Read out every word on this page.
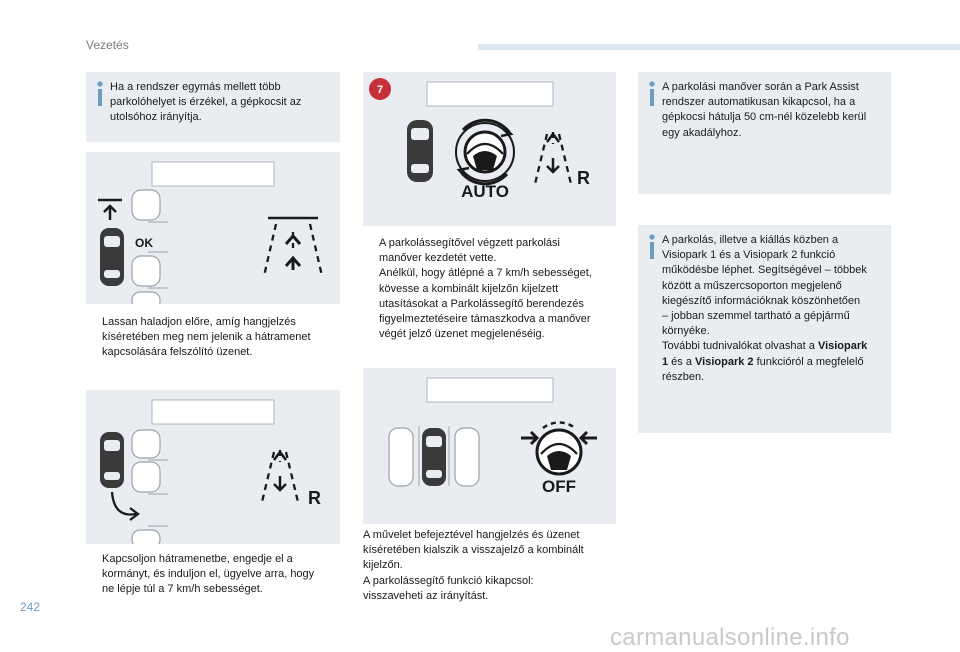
Vezetés
Ha a rendszer egymás mellett több
parkolóhelyet is érzékel, a gépkocsit az
utolsóhoz irányítja.
OK
Lassan haladjon előre, amíg hangjelzés
kíséretében meg nem jelenik a hátramenet
kapcsolására felszólító üzenet.
R
Kapcsoljon hátramenetbe, engedje el a
kormányt, és induljon el, ügyelve arra, hogy
ne lépje túl a 7 km/h sebességet.
7
AUTO
R
A parkolássegítővel végzett parkolási
manőver kezdetét vette.
Anélkül, hogy átlépné a 7 km/h sebességet,
kövesse a kombinált kijelzőn kijelzett
utasításokat a Parkolássegítő berendezés
figyelmeztetéseire támaszkodva a manőver
végét jelző üzenet megjelenéséig.
OFF
A művelet befejeztével hangjelzés és üzenet
kíséretében kialszik a visszajelző a kombinált
kijelzőn.
A parkolássegítő funkció kikapcsol:
visszaveheti az irányítást.
A parkolási manőver során a Park Assist
rendszer automatikusan kikapcsol, ha a
gépkocsi hátulja 50 cm-nél közelebb kerül
egy akadályhoz.
A parkolás, illetve a kiállás közben a
Visiopark 1 és a Visiopark 2 funkció
működésbe léphet. Segítségével – többek
között a műszercsoporton megjelenő
kiegészítő információknak köszönhetően
– jobban szemmel tartható a gépjármű
környéke.
További tudnivalókat olvashat a Visiopark
1 és a Visiopark 2 funkcióról a megfelelő
részben.
242
carmanualsonline.info
